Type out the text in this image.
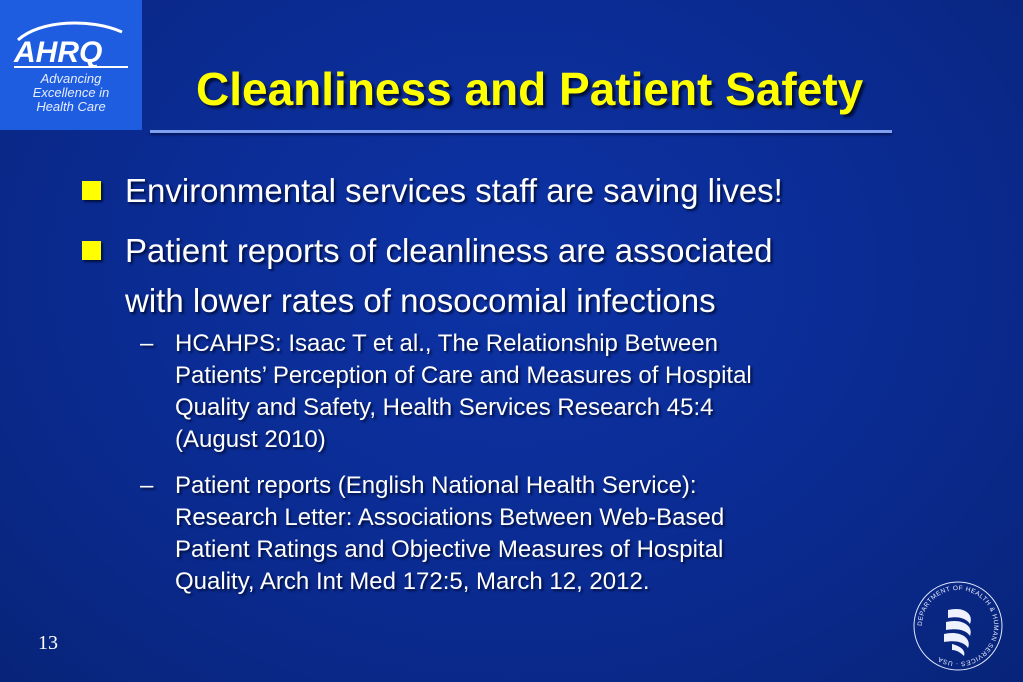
AHRQ
Advancing
Excellence in
Health Care	Cleanliness and Patient Safety
Environmental services staff are saving lives!
Patient reports of cleanliness are associated
with lower rates of nosocomial infections
– HCAHPS: Isaac T et al., The Relationship Between
Patients’ Perception of Care and Measures of Hospital
Quality and Safety, Health Services Research 45:4
(August 2010)
– Patient reports (English National Health Service):
Research Letter: Associations Between Web-Based
Patient Ratings and Objective Measures of Hospital
Quality, Arch Int Med 172:5, March 12, 2012.
13
DEPARTMENT OF HEALTH & HUMAN SERVICES · USA
